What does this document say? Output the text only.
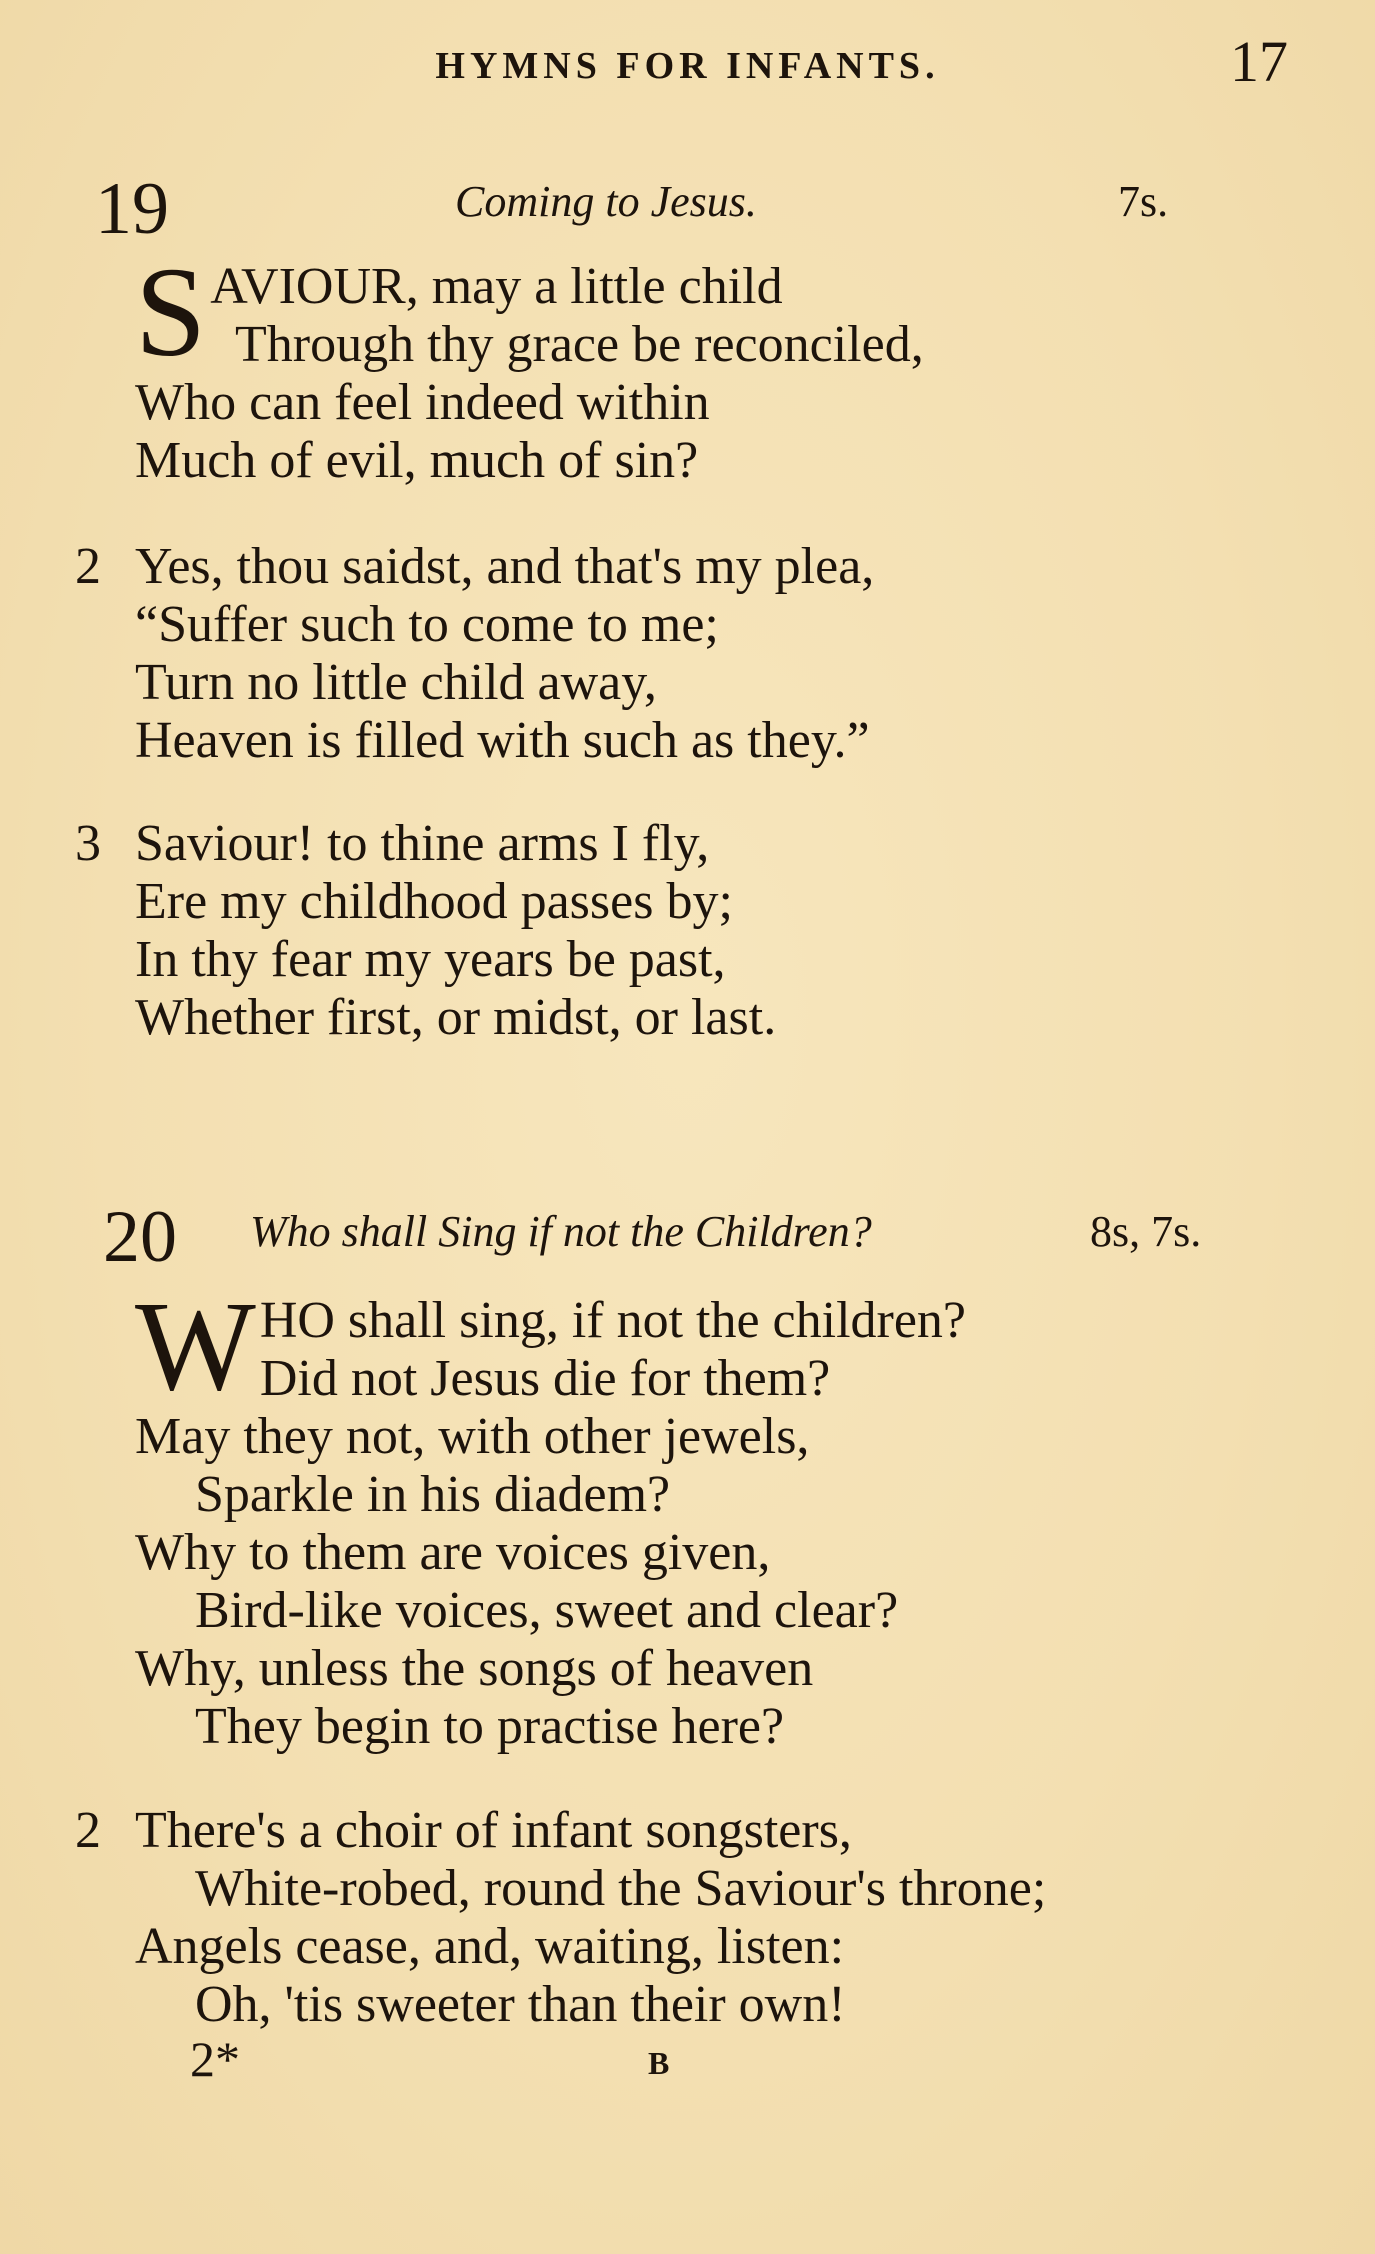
HYMNS FOR INFANTS.	17
19	Coming to Jesus.	7s.
S AVIOUR, may a little child
Through thy grace be reconciled,
Who can feel indeed within
Much of evil, much of sin?
2 Yes, thou saidst, and that's my plea,
“Suffer such to come to me;
Turn no little child away,
Heaven is filled with such as they.”
3 Saviour! to thine arms I fly,
Ere my childhood passes by;
In thy fear my years be past,
Whether first, or midst, or last.
20 Who shall Sing if not the Children?	8s, 7s.
W HO shall sing, if not the children?
Did not Jesus die for them?
May they not, with other jewels,
Sparkle in his diadem?
Why to them are voices given,
Bird-like voices, sweet and clear?
Why, unless the songs of heaven
They begin to practise here?
2 There's a choir of infant songsters,
White-robed, round the Saviour's throne;
Angels cease, and, waiting, listen:
Oh, 'tis sweeter than their own!
2*	B
